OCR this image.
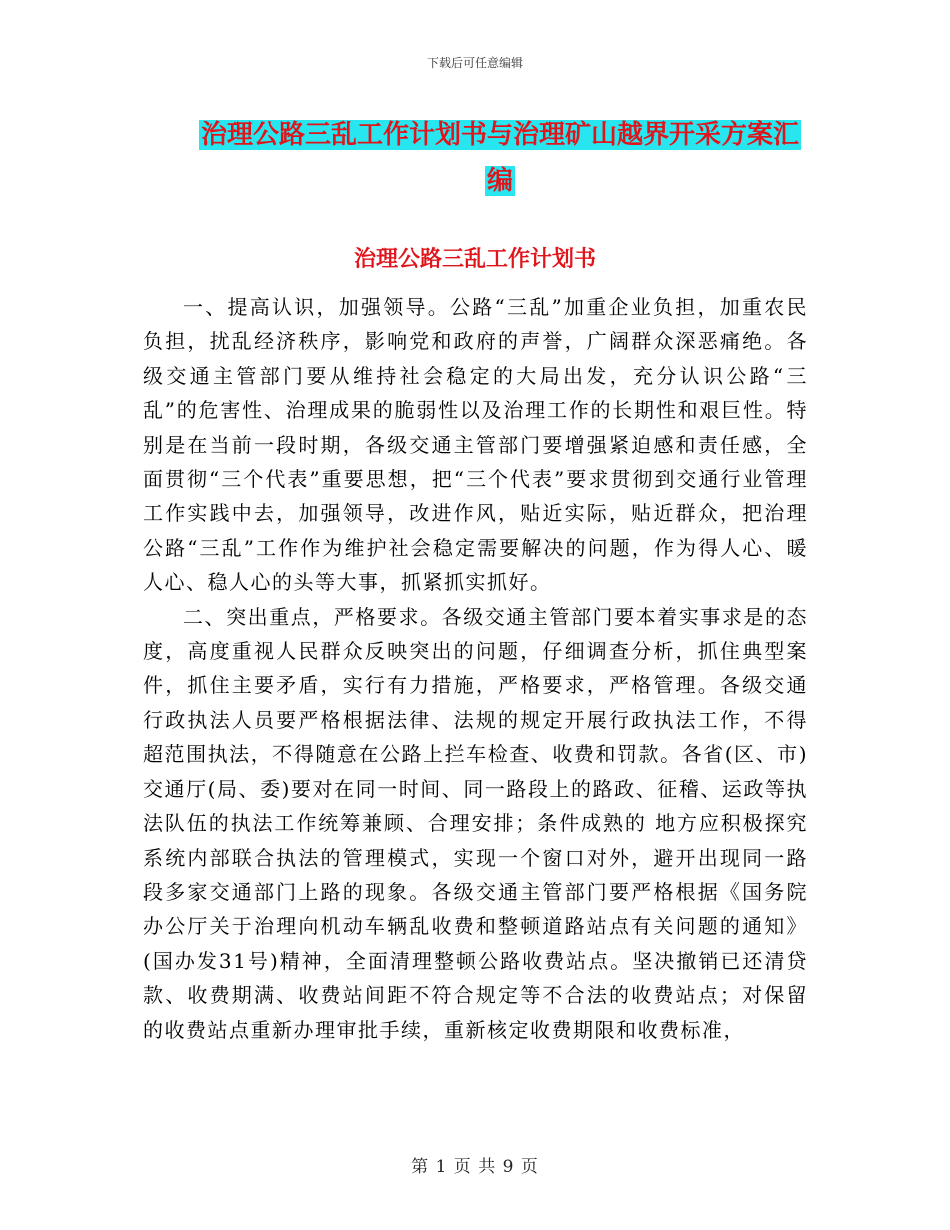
下载后可任意编辑
治理公路三乱工作计划书与治理矿山越界开采方案汇
编
治理公路三乱工作计划书

一、提高认识，加强领导。公路“三乱”加重企业负担，加重农民负担，扰乱经济秩序，影响党和政府的声誉，广阔群众深恶痛绝。各级交通主管部门要从维持社会稳定的大局出发，充分认识公路“三乱”的危害性、治理成果的脆弱性以及治理工作的长期性和艰巨性。特别是在当前一段时期，各级交通主管部门要增强紧迫感和责任感，全面贯彻“三个代表”重要思想，把“三个代表”要求贯彻到交通行业管理工作实践中去，加强领导，改进作风，贴近实际，贴近群众，把治理公路“三乱”工作作为维护社会稳定需要解决的问题，作为得人心、暖人心、稳人心的头等大事，抓紧抓实抓好。

二、突出重点，严格要求。各级交通主管部门要本着实事求是的态度，高度重视人民群众反映突出的问题，仔细调查分析，抓住典型案件，抓住主要矛盾，实行有力措施，严格要求，严格管理。各级交通行政执法人员要严格根据法律、法规的规定开展行政执法工作，不得超范围执法，不得随意在公路上拦车检查、收费和罚款。各省(区、市)交通厅(局、委)要对在同一时间、同一路段上的路政、征稽、运政等执法队伍的执法工作统筹兼顾、合理安排；条件成熟的 地方应积极探究系统内部联合执法的管理模式，实现一个窗口对外，避开出现同一路段多家交通部门上路的现象。各级交通主管部门要严格根据《国务院办公厅关于治理向机动车辆乱收费和整顿道路站点有关问题的通知》(国办发31号)精神，全面清理整顿公路收费站点。坚决撤销已还清贷款、收费期满、收费站间距不符合规定等不合法的收费站点；对保留的收费站点重新办理审批手续，重新核定收费期限和收费标准，

第 1 页 共 9 页
